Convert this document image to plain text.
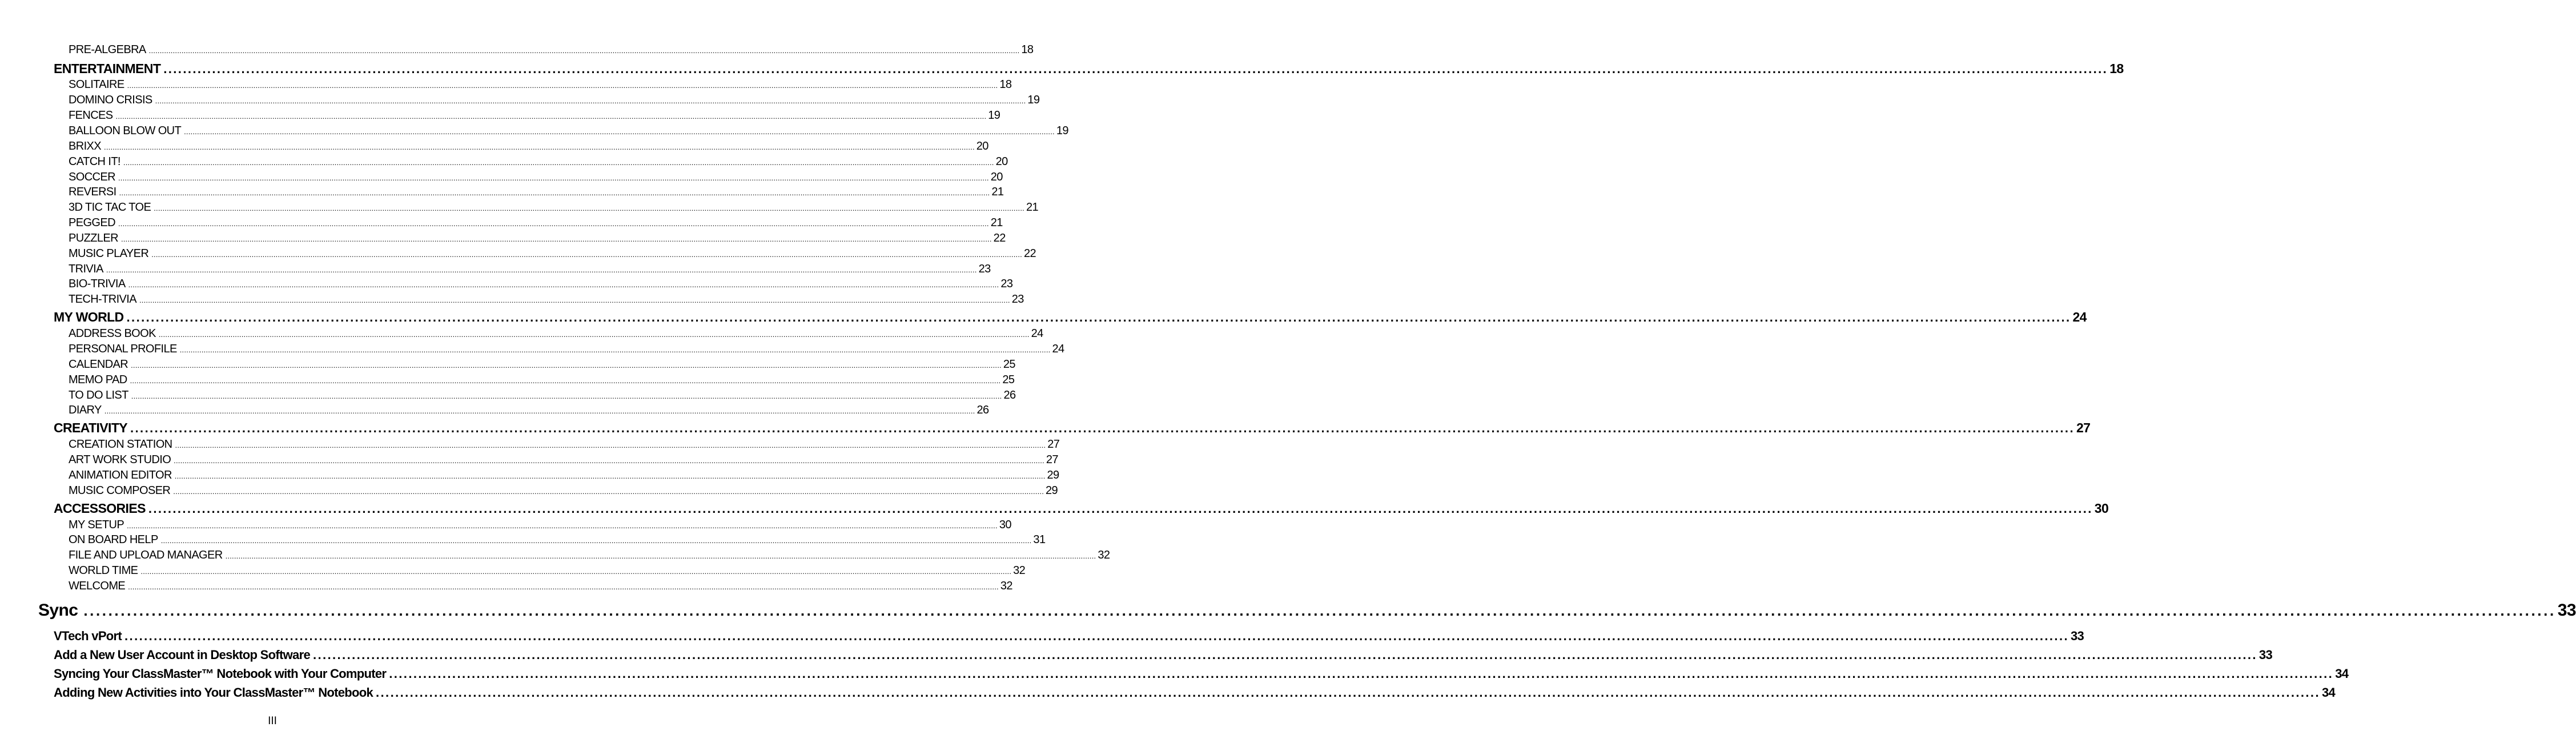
PRE-ALGEBRA ................................................................................................................................................................................................................................................................................................................................................................................................................ 18
ENTERTAINMENT ................................................................................................................................................................................................................................................................................................................................................................................................................ 18
SOLITAIRE ................................................................................................................................................................................................................................................................................................................................................................................................................ 18
DOMINO CRISIS ................................................................................................................................................................................................................................................................................................................................................................................................................ 19
FENCES ................................................................................................................................................................................................................................................................................................................................................................................................................ 19
BALLOON BLOW OUT ................................................................................................................................................................................................................................................................................................................................................................................................................ 19
BRIXX ................................................................................................................................................................................................................................................................................................................................................................................................................ 20
CATCH IT! ................................................................................................................................................................................................................................................................................................................................................................................................................ 20
SOCCER ................................................................................................................................................................................................................................................................................................................................................................................................................ 20
REVERSI ................................................................................................................................................................................................................................................................................................................................................................................................................ 21
3D TIC TAC TOE ................................................................................................................................................................................................................................................................................................................................................................................................................ 21
PEGGED ................................................................................................................................................................................................................................................................................................................................................................................................................ 21
PUZZLER ................................................................................................................................................................................................................................................................................................................................................................................................................ 22
MUSIC PLAYER ................................................................................................................................................................................................................................................................................................................................................................................................................ 22
TRIVIA ................................................................................................................................................................................................................................................................................................................................................................................................................ 23
BIO-TRIVIA ................................................................................................................................................................................................................................................................................................................................................................................................................ 23
TECH-TRIVIA ................................................................................................................................................................................................................................................................................................................................................................................................................ 23
MY WORLD ................................................................................................................................................................................................................................................................................................................................................................................................................ 24
ADDRESS BOOK ................................................................................................................................................................................................................................................................................................................................................................................................................ 24
PERSONAL PROFILE ................................................................................................................................................................................................................................................................................................................................................................................................................ 24
CALENDAR ................................................................................................................................................................................................................................................................................................................................................................................................................ 25
MEMO PAD ................................................................................................................................................................................................................................................................................................................................................................................................................ 25
TO DO LIST ................................................................................................................................................................................................................................................................................................................................................................................................................ 26
DIARY ................................................................................................................................................................................................................................................................................................................................................................................................................ 26
CREATIVITY ................................................................................................................................................................................................................................................................................................................................................................................................................ 27
CREATION STATION ................................................................................................................................................................................................................................................................................................................................................................................................................ 27
ART WORK STUDIO ................................................................................................................................................................................................................................................................................................................................................................................................................ 27
ANIMATION EDITOR ................................................................................................................................................................................................................................................................................................................................................................................................................ 29
MUSIC COMPOSER ................................................................................................................................................................................................................................................................................................................................................................................................................ 29
ACCESSORIES ................................................................................................................................................................................................................................................................................................................................................................................................................ 30
MY SETUP ................................................................................................................................................................................................................................................................................................................................................................................................................ 30
ON BOARD HELP ................................................................................................................................................................................................................................................................................................................................................................................................................ 31
FILE AND UPLOAD MANAGER ................................................................................................................................................................................................................................................................................................................................................................................................................ 32
WORLD TIME ................................................................................................................................................................................................................................................................................................................................................................................................................ 32
WELCOME ................................................................................................................................................................................................................................................................................................................................................................................................................ 32
Sync ................................................................................................................................................................................................................................................................................................................................................................................................................ 33
VTech vPort ................................................................................................................................................................................................................................................................................................................................................................................................................ 33
Add a New User Account in Desktop Software ................................................................................................................................................................................................................................................................................................................................................................................................................ 33
Syncing Your ClassMaster™ Notebook with Your Computer ................................................................................................................................................................................................................................................................................................................................................................................................................ 34
Adding New Activities into Your ClassMaster™ Notebook ................................................................................................................................................................................................................................................................................................................................................................................................................ 34
III
